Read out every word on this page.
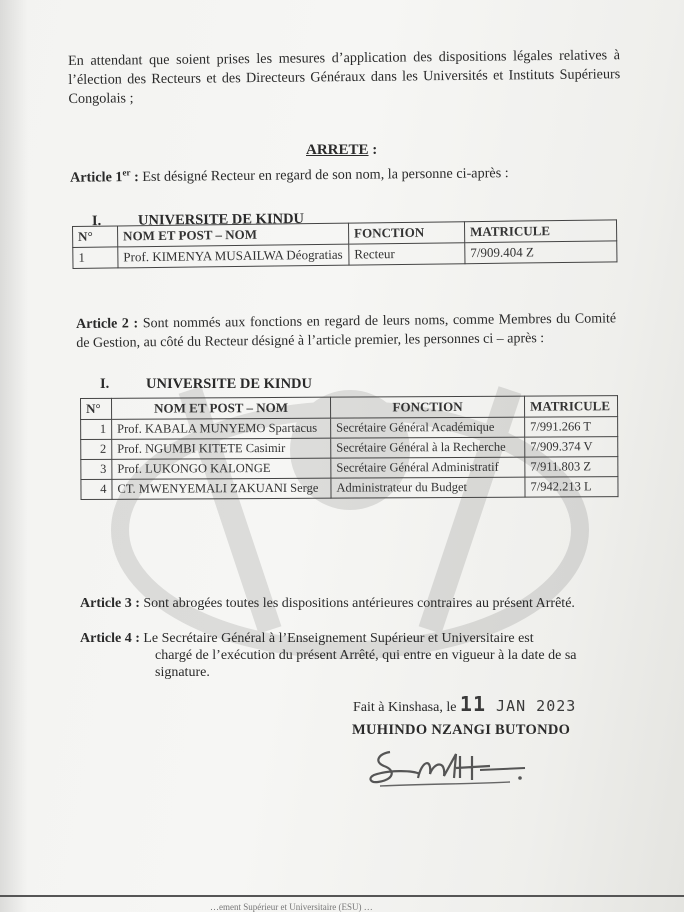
En attendant que soient prises les mesures d’application des dispositions légales relatives à l’élection des Recteurs et des Directeurs Généraux dans les Universités et Instituts Supérieurs Congolais ;

ARRETE :
Article 1er : Est désigné Recteur en regard de son nom, la personne ci-après :
I.	UNIVERSITE DE KINDU
N°	NOM ET POST – NOM	FONCTION	MATRICULE
1	Prof. KIMENYA MUSAILWA Déogratias	Recteur	7/909.404 Z

Article 2 : Sont nommés aux fonctions en regard de leurs noms, comme Membres du Comité de Gestion, au côté du Recteur désigné à l’article premier, les personnes ci – après :

I.	UNIVERSITE DE KINDU
N°	NOM ET POST – NOM	FONCTION	MATRICULE
1	Prof. KABALA MUNYEMO Spartacus	Secrétaire Général Académique	7/991.266 T
2	Prof. NGUMBI KITETE Casimir	Secrétaire Général à la Recherche	7/909.374 V
3	Prof. LUKONGO KALONGE	Secrétaire Général Administratif	7/911.803 Z
4	CT. MWENYEMALI ZAKUANI Serge	Administrateur du Budget	7/942.213 L
Article 3 : Sont abrogées toutes les dispositions antérieures contraires au présent Arrêté.
Article 4 : Le Secrétaire Général à l’Enseignement Supérieur et Universitaire est
chargé de l’exécution du présent Arrêté, qui entre en vigueur à la date de sa signature.
Fait à Kinshasa, le 11 JAN 2023
MUHINDO NZANGI BUTONDO
…ement Supérieur et Universitaire (ESU) …
